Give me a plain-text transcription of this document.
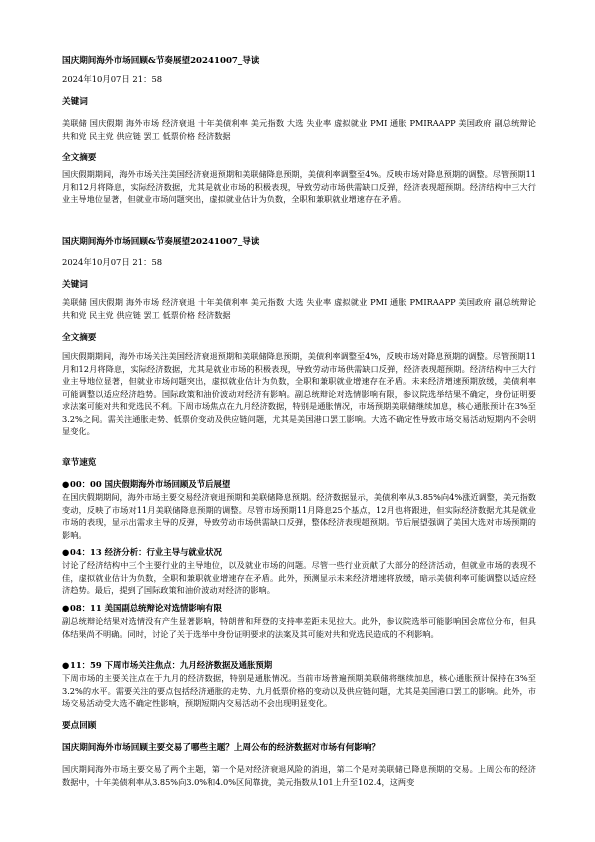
国庆期间海外市场回顾&节奏展望20241007_导读

2024年10月07日 21：58

关键词

美联储 国庆假期 海外市场 经济衰退 十年美债利率 美元指数 大选 失业率 虚拟就业 PMI 通胀 PMIRAAPP 美国政府 副总统辩论 共和党 民主党 供应链 罢工 低票价格 经济数据

全文摘要

国庆假期期间，海外市场关注美国经济衰退预期和美联储降息预期，美债利率调整至4%。反映市场对降息预期的调整。尽管预期11月和12月将降息，实际经济数据，尤其是就业市场的积极表现，导致劳动市场供需缺口反弹，经济表现超预期。经济结构中三大行业主导地位显著，但就业市场问题突出，虚拟就业估计为负数，全职和兼职就业增速存在矛盾。

国庆期间海外市场回顾&节奏展望20241007_导读

2024年10月07日 21：58

关键词

美联储 国庆假期 海外市场 经济衰退 十年美债利率 美元指数 大选 失业率 虚拟就业 PMI 通胀 PMIRAAPP 美国政府 副总统辩论 共和党 民主党 供应链 罢工 低票价格 经济数据

全文摘要

国庆假期期间，海外市场关注美国经济衰退预期和美联储降息预期，美债利率调整至4%，反映市场对降息预期的调整。尽管预期11月和12月将降息，实际经济数据，尤其是就业市场的积极表现，导致劳动市场供需缺口反弹，经济表现超预期。经济结构中三大行业主导地位显著，但就业市场问题突出，虚拟就业估计为负数，全职和兼职就业增速存在矛盾。未来经济增速预期放缓，美债利率可能调整以适应经济趋势。国际政策和油价波动对经济有影响。副总统辩论对选情影响有限，参议院选举结果不确定，身份证明要求法案可能对共和党选民不利。下周市场焦点在九月经济数据，特别是通胀情况，市场预期美联储继续加息，核心通胀预计在3%至3.2%之间。需关注通胀走势、低票价变动及供应链问题，尤其是美国港口罢工影响。大选不确定性导致市场交易活动短期内不会明显变化。

章节速览

●00：00 国庆假期海外市场回顾及节后展望

在国庆假期期间，海外市场主要交易经济衰退预期和美联储降息预期。经济数据显示，美债利率从3.85%向4%涨近调整，美元指数变动，反映了市场对11月美联储降息预期的调整。尽管市场预期11月降息25个基点，12月也将跟进，但实际经济数据尤其是就业市场的表现，显示出需求主导的反弹，导致劳动市场供需缺口反弹，整体经济表现超预期。节后展望强调了美国大选对市场预期的影响。

●04：13 经济分析：行业主导与就业状况

讨论了经济结构中三个主要行业的主导地位，以及就业市场的问题。尽管一些行业贡献了大部分的经济活动，但就业市场的表现不佳，虚拟就业估计为负数，全职和兼职就业增速存在矛盾。此外，预测显示未来经济增速将放缓，暗示美债利率可能调整以适应经济趋势。最后，提到了国际政策和油价波动对经济的影响。

●08：11 美国副总统辩论对选情影响有限

副总统辩论结果对选情没有产生显著影响，特朗普和拜登的支持率差距未见拉大。此外，参议院选举可能影响国会席位分布，但具体结果尚不明确。同时，讨论了关于选举中身份证明要求的法案及其可能对共和党选民造成的不利影响。

●11：59 下周市场关注焦点：九月经济数据及通胀预期

下周市场的主要关注点在于九月的经济数据，特别是通胀情况。当前市场普遍预期美联储将继续加息，核心通胀预计保持在3%至3.2%的水平。需要关注的要点包括经济通胀的走势、九月低票价格的变动以及供应链问题，尤其是美国港口罢工的影响。此外，市场交易活动受大选不确定性影响，预期短期内交易活动不会出现明显变化。

要点回顾

国庆期间海外市场回顾主要交易了哪些主题？上周公布的经济数据对市场有何影响？

国庆期间海外市场主要交易了两个主题，第一个是对经济衰退风险的消退，第二个是对美联储已降息预期的交易。上周公布的经济数据中，十年美债利率从3.85%向3.0%和4.0%区间靠拢，美元指数从101上升至102.4，这两变
